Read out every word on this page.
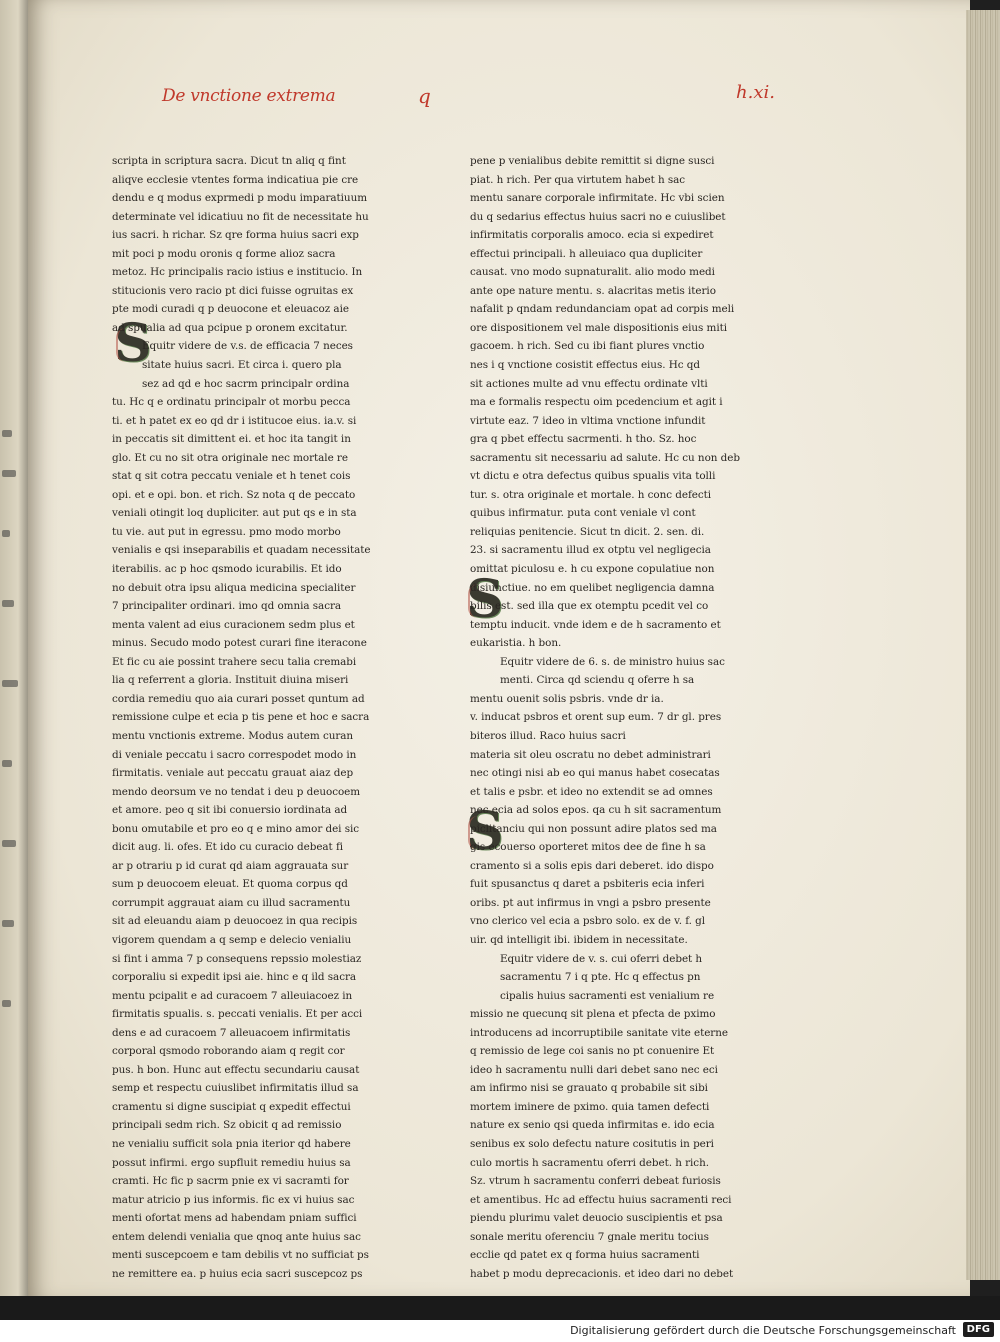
De vnctione extrema	q	h.xi.
S
S
S
scripta in scriptura sacra. Dicut tn aliq q fint
aliqve ecclesie vtentes forma indicatiua pie cre
dendu e q modus exprmedi p modu imparatiuum
determinate vel idicatiuu no fit de necessitate hu
ius sacri. h richar. Sz qre forma huius sacri exp
mit poci p modu oronis q forme alioz sacra
metoz. Hc principalis racio istius e institucio. In
stitucionis vero racio pt dici fuisse ogruitas ex
pte modi curadi q p deuocone et eleuacoz aie
ad spualia ad qua pcipue p oronem excitatur.
Equitr videre de v.s. de efficacia 7 neces
sitate huius sacri. Et circa i. quero pla
sez ad qd e hoc sacrm principalr ordina
tu. Hc q e ordinatu principalr ot morbu pecca
ti. et h patet ex eo qd dr i istitucoe eius. ia.v. si
in peccatis sit dimittent ei. et hoc ita tangit in
glo. Et cu no sit otra originale nec mortale re
stat q sit cotra peccatu veniale et h tenet cois
opi. et e opi. bon. et rich. Sz nota q de peccato
veniali otingit loq dupliciter. aut put qs e in sta
tu vie. aut put in egressu. pmo modo morbo
venialis e qsi inseparabilis et quadam necessitate
iterabilis. ac p hoc qsmodo icurabilis. Et ido
no debuit otra ipsu aliqua medicina specialiter
7 principaliter ordinari. imo qd omnia sacra
menta valent ad eius curacionem sedm plus et
minus. Secudo modo potest curari fine iteracone
Et fic cu aie possint trahere secu talia cremabi
lia q referrent a gloria. Instituit diuina miseri
cordia remediu quo aia curari posset quntum ad
remissione culpe et ecia p tis pene et hoc e sacra
mentu vnctionis extreme. Modus autem curan
di veniale peccatu i sacro correspodet modo in
firmitatis. veniale aut peccatu grauat aiaz dep
mendo deorsum ve no tendat i deu p deuocoem
et amore. peo q sit ibi conuersio iordinata ad
bonu omutabile et pro eo q e mino amor dei sic
dicit aug. li. ofes. Et ido cu curacio debeat fi
ar p otrariu p id curat qd aiam aggrauata sur
sum p deuocoem eleuat. Et quoma corpus qd
corrumpit aggrauat aiam cu illud sacramentu
sit ad eleuandu aiam p deuocoez in qua recipis
vigorem quendam a q semp e delecio venialiu
si fint i amma 7 p consequens repssio molestiaz
corporaliu si expedit ipsi aie. hinc e q ild sacra
mentu pcipalit e ad curacoem 7 alleuiacoez in
firmitatis spualis. s. peccati venialis. Et per acci
dens e ad curacoem 7 alleuacoem infirmitatis
corporal qsmodo roborando aiam q regit cor
pus. h bon. Hunc aut effectu secundariu causat
semp et respectu cuiuslibet infirmitatis illud sa
cramentu si digne suscipiat q expedit effectui
principali sedm rich. Sz obicit q ad remissio
ne venialiu sufficit sola pnia iterior qd habere
possut infirmi. ergo supfluit remediu huius sa
cramti. Hc fic p sacrm pnie ex vi sacramti for
matur atricio p ius informis. fic ex vi huius sac
menti ofortat mens ad habendam pniam suffici
entem delendi venialia que qnoq ante huius sac
menti suscepcoem e tam debilis vt no sufficiat ps
ne remittere ea. p huius ecia sacri suscepcoz ps
pene p venialibus debite remittit si digne susci
piat. h rich. Per qua virtutem habet h sac
mentu sanare corporale infirmitate. Hc vbi scien
du q sedarius effectus huius sacri no e cuiuslibet
infirmitatis corporalis amoco. ecia si expediret
effectui principali. h alleuiaco qua dupliciter
causat. vno modo supnaturalit. alio modo medi
ante ope nature mentu. s. alacritas metis iterio
nafalit p qndam redundanciam opat ad corpis meli
ore dispositionem vel male dispositionis eius miti
gacoem. h rich. Sed cu ibi fiant plures vnctio
nes i q vnctione cosistit effectus eius. Hc qd
sit actiones multe ad vnu effectu ordinate vlti
ma e formalis respectu oim pcedencium et agit i
virtute eaz. 7 ideo in vltima vnctione infundit
gra q pbet effectu sacrmenti. h tho. Sz. hoc
sacramentu sit necessariu ad salute. Hc cu non deb
vt dictu e otra defectus quibus spualis vita tolli
tur. s. otra originale et mortale. h conc defecti
quibus infirmatur. puta cont veniale vl cont
reliquias penitencie. Sicut tn dicit. 2. sen. di.
23. si sacramentu illud ex otptu vel negligecia
omittat piculosu e. h cu expone copulatiue non
disiunctiue. no em quelibet negligencia damna
bilis est. sed illa que ex otemptu pcedit vel co
temptu inducit. vnde idem e de h sacramento et
eukaristia. h bon.
Equitr videre de 6. s. de ministro huius sac
menti. Circa qd sciendu q oferre h sa
mentu ouenit solis psbris. vnde dr ia.
v. inducat psbros et orent sup eum. 7 dr gl. pres
biteros illud. Raco huius sacri
materia sit oleu oscratu no debet administrari
nec otingi nisi ab eo qui manus habet cosecatas
et talis e psbr. et ideo no extendit se ad omnes
nec ecia ad solos epos. qa cu h sit sacramentum
piclitanciu qui non possunt adire platos sed ma
gis ecouerso oporteret mitos dee de fine h sa
cramento si a solis epis dari deberet. ido dispo
fuit spusanctus q daret a psbiteris ecia inferi
oribs. pt aut infirmus in vngi a psbro presente
vno clerico vel ecia a psbro solo. ex de v. f. gl
uir. qd intelligit ibi. ibidem in necessitate.
Equitr videre de v. s. cui oferri debet h
sacramentu 7 i q pte. Hc q effectus pn
cipalis huius sacramenti est venialium re
missio ne quecunq sit plena et pfecta de pximo
introducens ad incorruptibile sanitate vite eterne
q remissio de lege coi sanis no pt conuenire Et
ideo h sacramentu nulli dari debet sano nec eci
am infirmo nisi se grauato q probabile sit sibi
mortem iminere de pximo. quia tamen defecti
nature ex senio qsi queda infirmitas e. ido ecia
senibus ex solo defectu nature cositutis in peri
culo mortis h sacramentu oferri debet. h rich.
Sz. vtrum h sacramentu conferri debeat furiosis
et amentibus. Hc ad effectu huius sacramenti reci
piendu plurimu valet deuocio suscipientis et psa
sonale meritu oferenciu 7 gnale meritu tocius
ecclie qd patet ex q forma huius sacramenti
habet p modu deprecacionis. et ideo dari no debet
Digitalisierung gefördert durch die Deutsche Forschungsgemeinschaft	DFG
